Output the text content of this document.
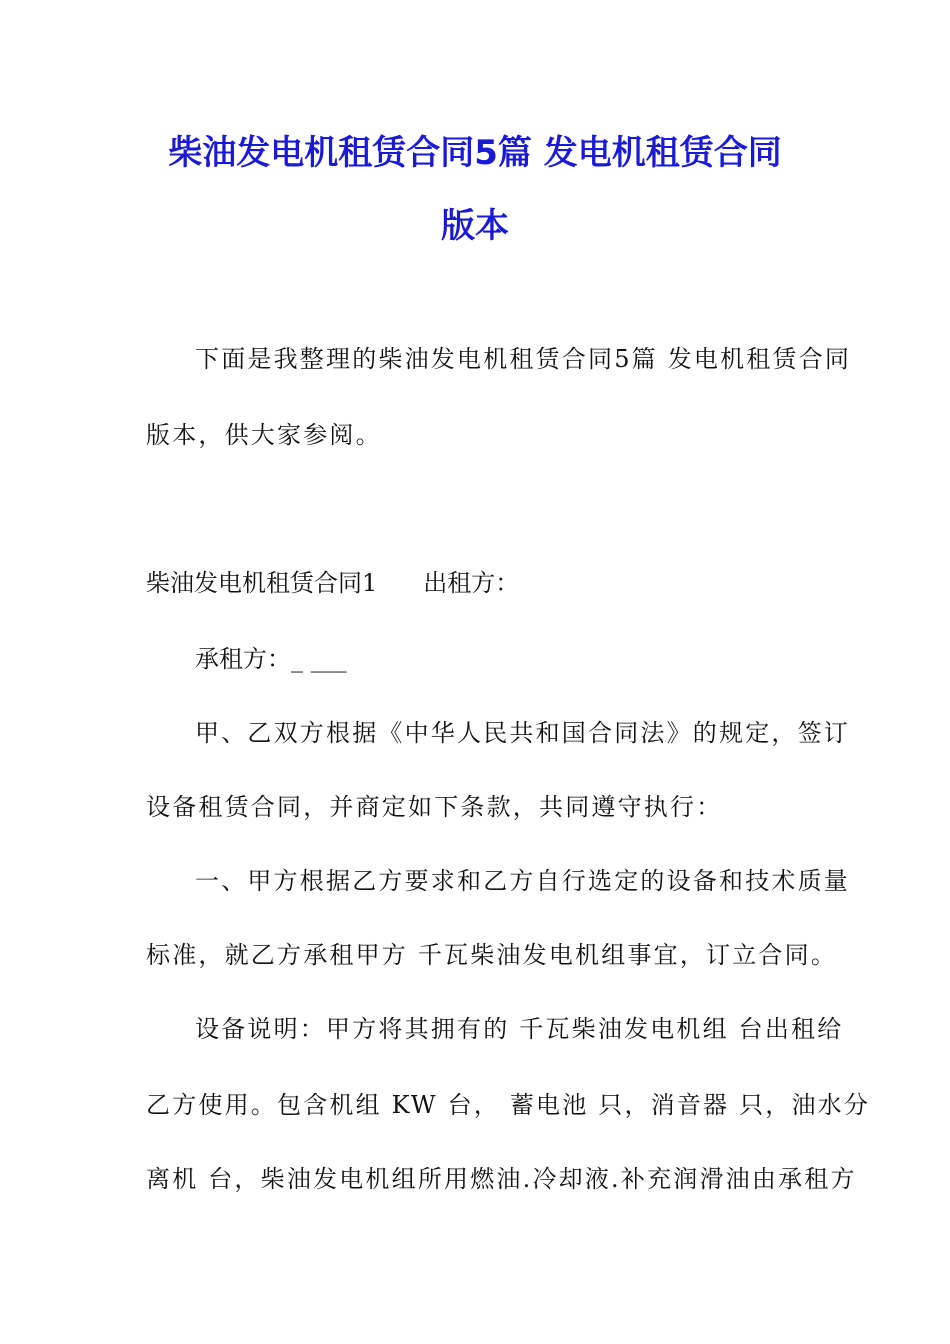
柴油发电机租赁合同5篇 发电机租赁合同
版本
下面是我整理的柴油发电机租赁合同5篇 发电机租赁合同
版本，供大家参阅。
柴油发电机租赁合同1 出租方：
承租方：_ ___
甲、乙双方根据《中华人民共和国合同法》的规定，签订
设备租赁合同，并商定如下条款，共同遵守执行：
一、甲方根据乙方要求和乙方自行选定的设备和技术质量
标准，就乙方承租甲方 千瓦柴油发电机组事宜，订立合同。
设备说明：甲方将其拥有的 千瓦柴油发电机组 台出租给
乙方使用。包含机组 KW 台， 蓄电池 只，消音器 只，油水分
离机 台，柴油发电机组所用燃油.冷却液.补充润滑油由承租方
